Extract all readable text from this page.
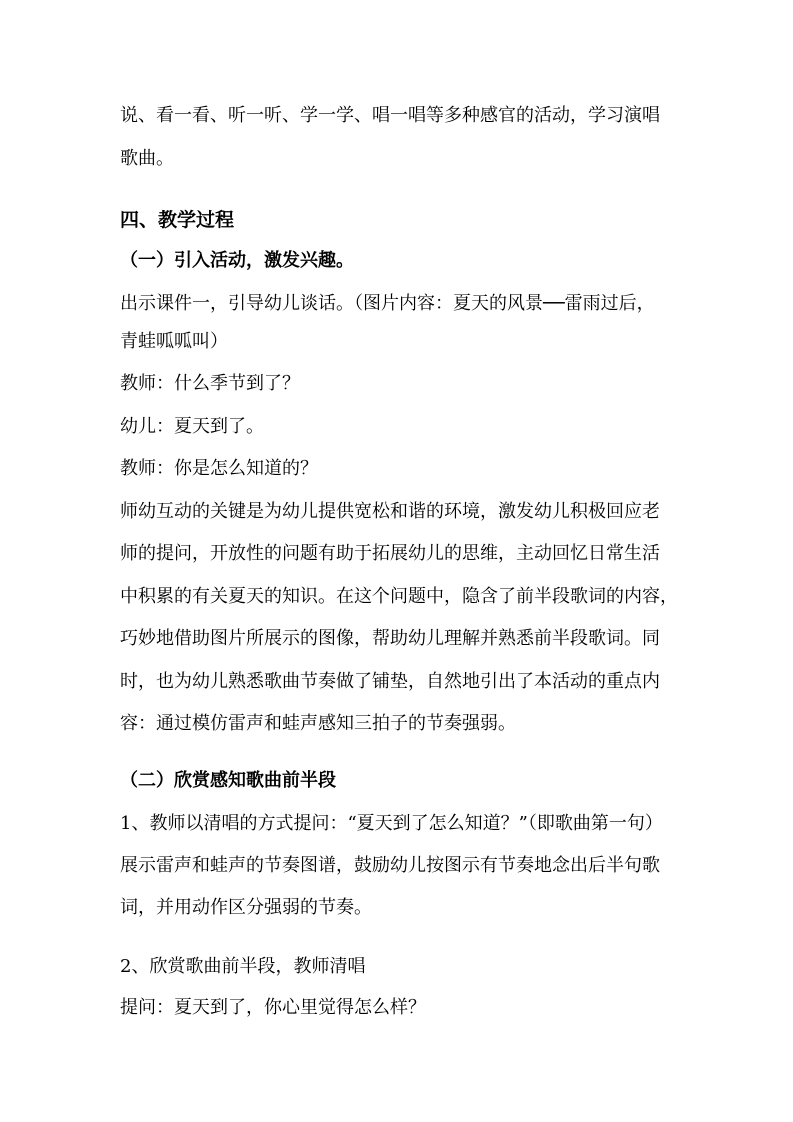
说、看一看、听一听、学一学、唱一唱等多种感官的活动，学习演唱
歌曲。
四、教学过程
（一）引入活动，激发兴趣。
出示课件一，引导幼儿谈话。（图片内容：夏天的风景──雷雨过后，
青蛙呱呱叫）
教师：什么季节到了？
幼儿：夏天到了。
教师：你是怎么知道的？
师幼互动的关键是为幼儿提供宽松和谐的环境，激发幼儿积极回应老
师的提问，开放性的问题有助于拓展幼儿的思维，主动回忆日常生活
中积累的有关夏天的知识。在这个问题中，隐含了前半段歌词的内容，
巧妙地借助图片所展示的图像，帮助幼儿理解并熟悉前半段歌词。同
时，也为幼儿熟悉歌曲节奏做了铺垫，自然地引出了本活动的重点内
容：通过模仿雷声和蛙声感知三拍子的节奏强弱。
（二）欣赏感知歌曲前半段
1、教师以清唱的方式提问：“夏天到了怎么知道？”（即歌曲第一句）
展示雷声和蛙声的节奏图谱，鼓励幼儿按图示有节奏地念出后半句歌
词，并用动作区分强弱的节奏。
2、欣赏歌曲前半段，教师清唱
提问：夏天到了，你心里觉得怎么样？
